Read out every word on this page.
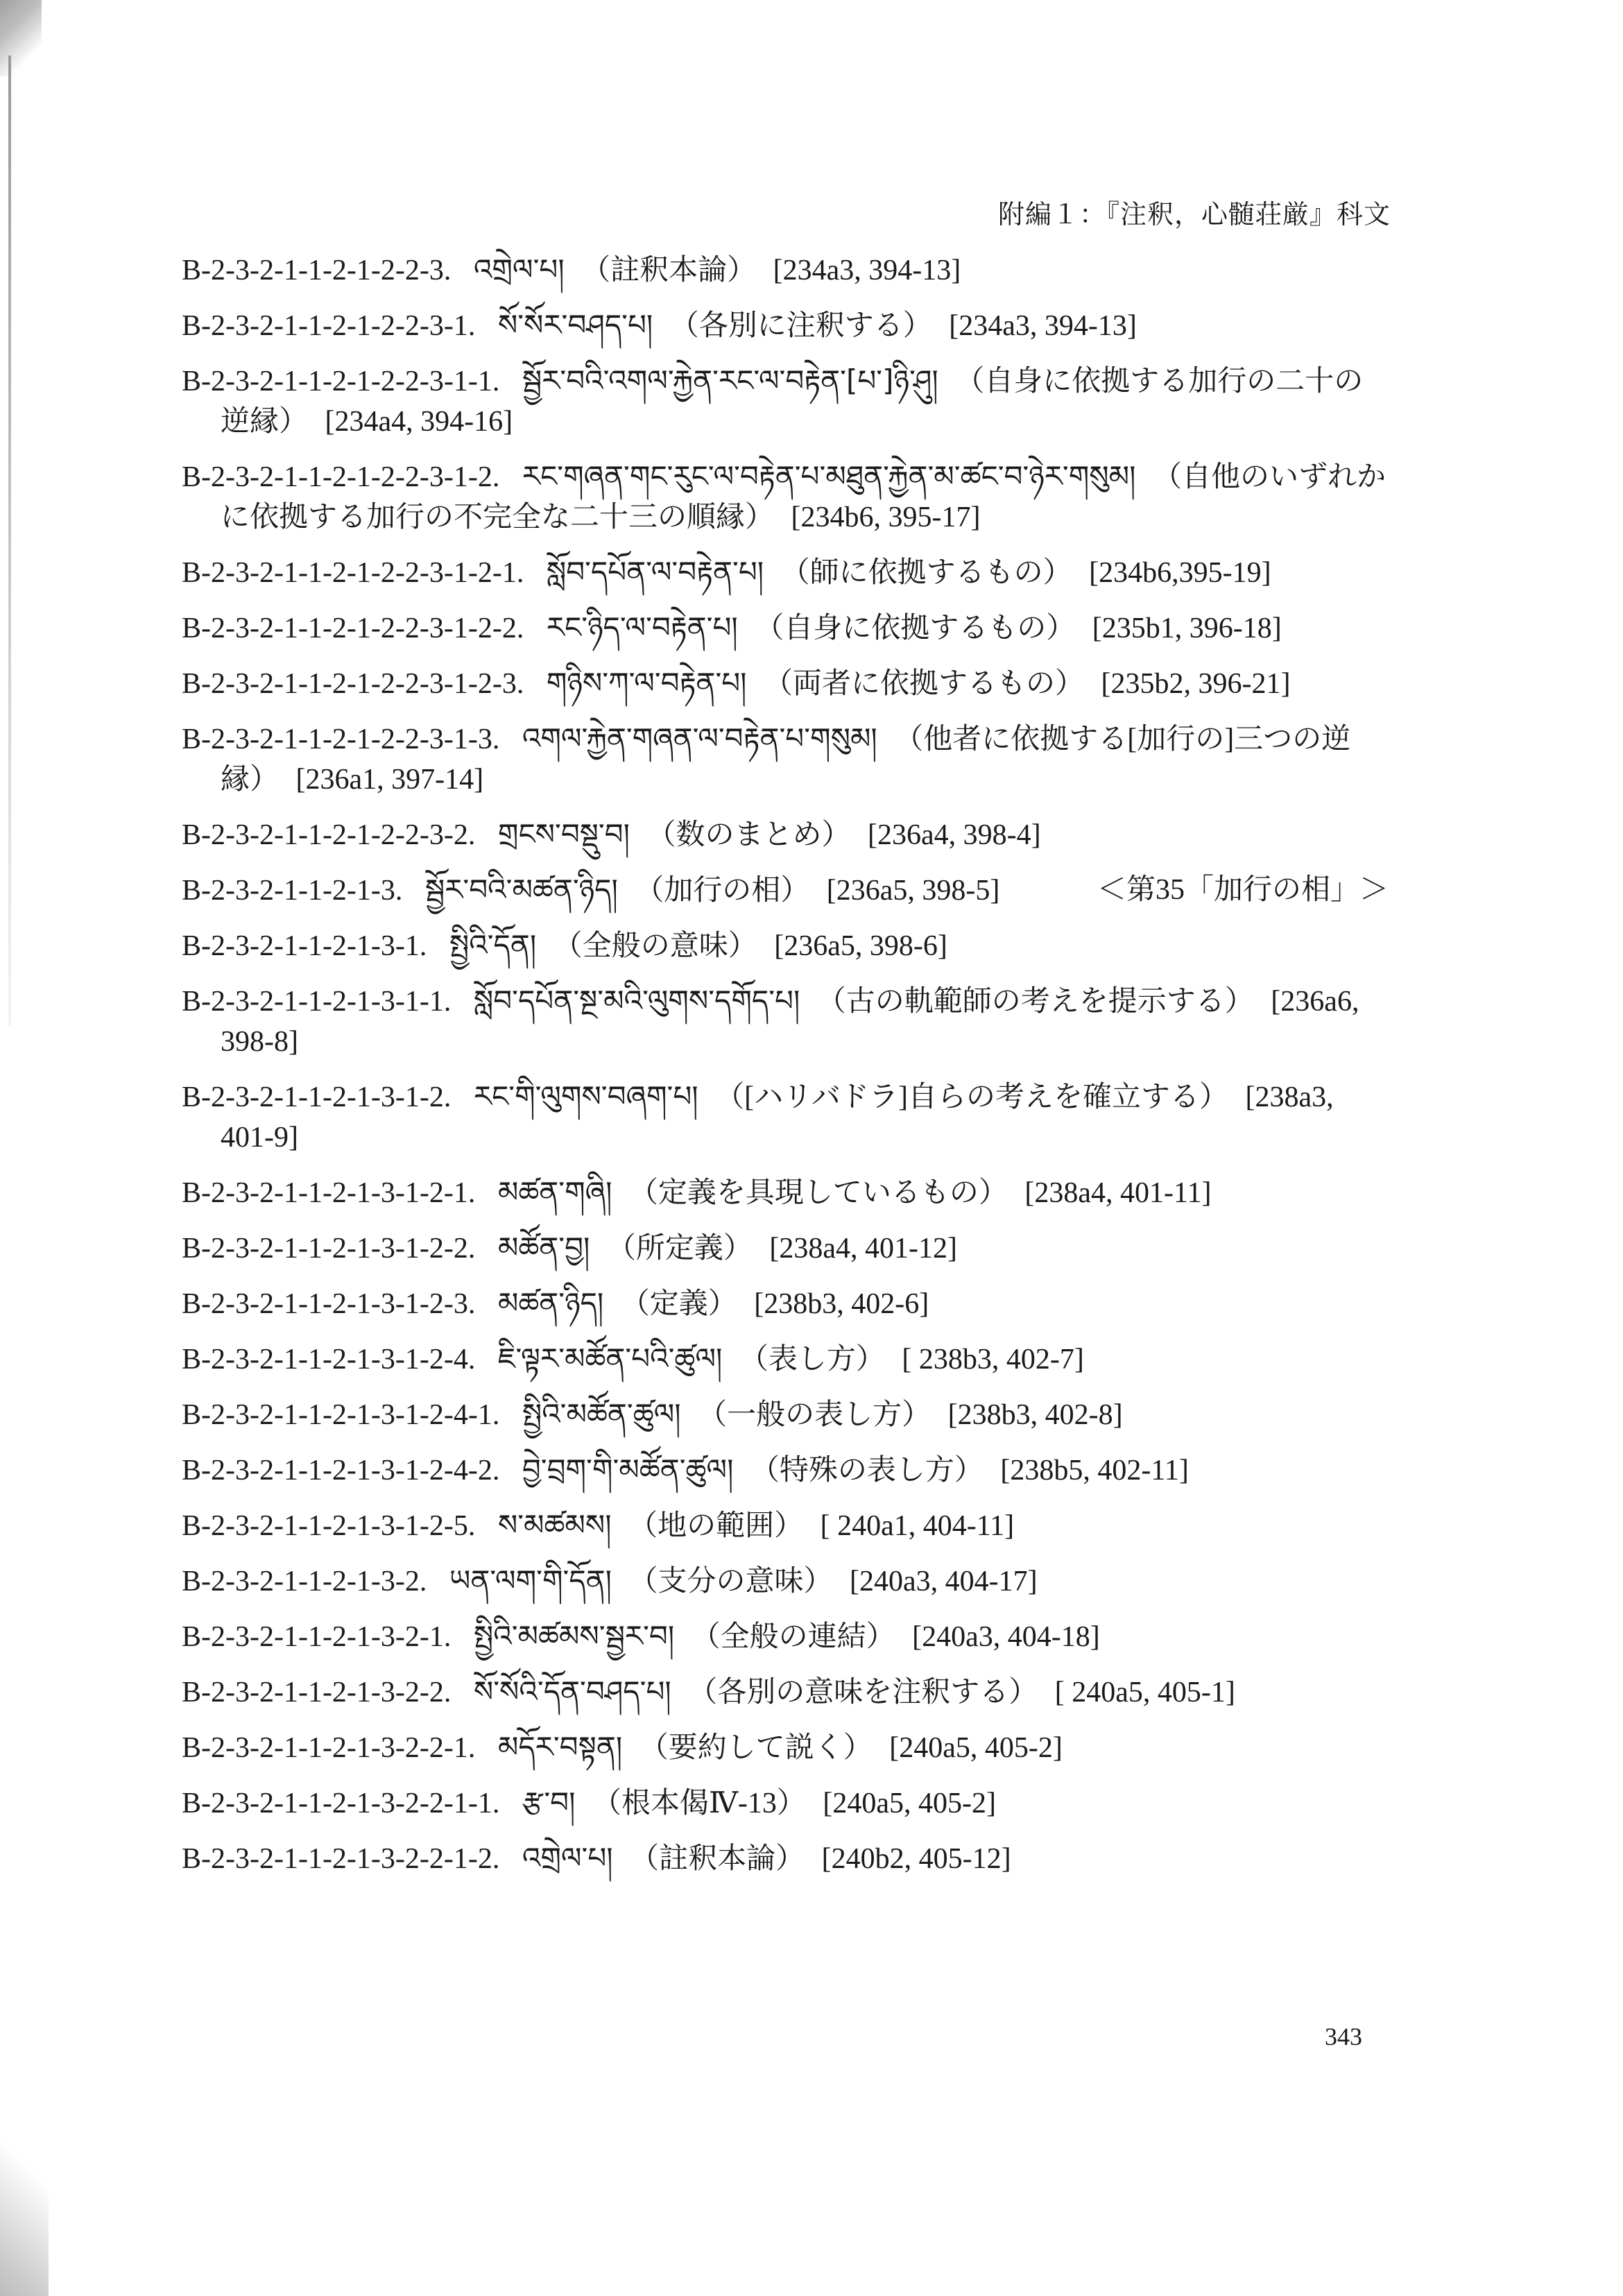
附編１：『注釈，心髄荘厳』科文
B-2-3-2-1-1-2-1-2-2-3. འགྲེལ་པ། （註釈本論） [234a3, 394-13]
B-2-3-2-1-1-2-1-2-2-3-1. སོ་སོར་བཤད་པ། （各別に注釈する） [234a3, 394-13]
B-2-3-2-1-1-2-1-2-2-3-1-1. སྦྱོར་བའི་འགལ་རྐྱེན་རང་ལ་བརྟེན་[པ་]ཉི་ཤུ། （自身に依拠する加行の二十の逆縁） [234a4, 394-16]
B-2-3-2-1-1-2-1-2-2-3-1-2. རང་གཞན་གང་རུང་ལ་བརྟེན་པ་མཐུན་རྐྱེན་མ་ཚང་བ་ཉེར་གསུམ། （自他のいずれかに依拠する加行の不完全な二十三の順縁） [234b6, 395-17]
B-2-3-2-1-1-2-1-2-2-3-1-2-1. སློབ་དཔོན་ལ་བརྟེན་པ། （師に依拠するもの） [234b6,395-19]
B-2-3-2-1-1-2-1-2-2-3-1-2-2. རང་ཉིད་ལ་བརྟེན་པ། （自身に依拠するもの） [235b1, 396-18]
B-2-3-2-1-1-2-1-2-2-3-1-2-3. གཉིས་ཀ་ལ་བརྟེན་པ། （両者に依拠するもの） [235b2, 396-21]
B-2-3-2-1-1-2-1-2-2-3-1-3. འགལ་རྐྱེན་གཞན་ལ་བརྟེན་པ་གསུམ། （他者に依拠する[加行の]三つの逆縁） [236a1, 397-14]
B-2-3-2-1-1-2-1-2-2-3-2. གྲངས་བསྡུ་བ། （数のまとめ） [236a4, 398-4]
＜第35「加行の相」＞
B-2-3-2-1-1-2-1-3. སྦྱོར་བའི་མཚན་ཉིད། （加行の相） [236a5, 398-5]
B-2-3-2-1-1-2-1-3-1. སྤྱིའི་དོན། （全般の意味） [236a5, 398-6]
B-2-3-2-1-1-2-1-3-1-1. སློབ་དཔོན་སྔ་མའི་ལུགས་དགོད་པ། （古の軌範師の考えを提示する） [236a6, 398-8]
B-2-3-2-1-1-2-1-3-1-2. རང་གི་ལུགས་བཞག་པ། （[ハリバドラ]自らの考えを確立する） [238a3, 401-9]
B-2-3-2-1-1-2-1-3-1-2-1. མཚན་གཞི། （定義を具現しているもの） [238a4, 401-11]
B-2-3-2-1-1-2-1-3-1-2-2. མཚོན་བྱ། （所定義） [238a4, 401-12]
B-2-3-2-1-1-2-1-3-1-2-3. མཚན་ཉིད། （定義） [238b3, 402-6]
B-2-3-2-1-1-2-1-3-1-2-4. ཇི་ལྟར་མཚོན་པའི་ཚུལ། （表し方） [ 238b3, 402-7]
B-2-3-2-1-1-2-1-3-1-2-4-1. སྤྱིའི་མཚོན་ཚུལ། （一般の表し方） [238b3, 402-8]
B-2-3-2-1-1-2-1-3-1-2-4-2. བྱེ་བྲག་གི་མཚོན་ཚུལ། （特殊の表し方） [238b5, 402-11]
B-2-3-2-1-1-2-1-3-1-2-5. ས་མཚམས། （地の範囲） [ 240a1, 404-11]
B-2-3-2-1-1-2-1-3-2. ཡན་ལག་གི་དོན། （支分の意味） [240a3, 404-17]
B-2-3-2-1-1-2-1-3-2-1. སྤྱིའི་མཚམས་སྦྱར་བ། （全般の連結） [240a3, 404-18]
B-2-3-2-1-1-2-1-3-2-2. སོ་སོའི་དོན་བཤད་པ། （各別の意味を注釈する） [ 240a5, 405-1]
B-2-3-2-1-1-2-1-3-2-2-1. མདོར་བསྟན། （要約して説く） [240a5, 405-2]
B-2-3-2-1-1-2-1-3-2-2-1-1. རྩ་བ། （根本偈Ⅳ-13） [240a5, 405-2]
B-2-3-2-1-1-2-1-3-2-2-1-2. འགྲེལ་པ། （註釈本論） [240b2, 405-12]
343
